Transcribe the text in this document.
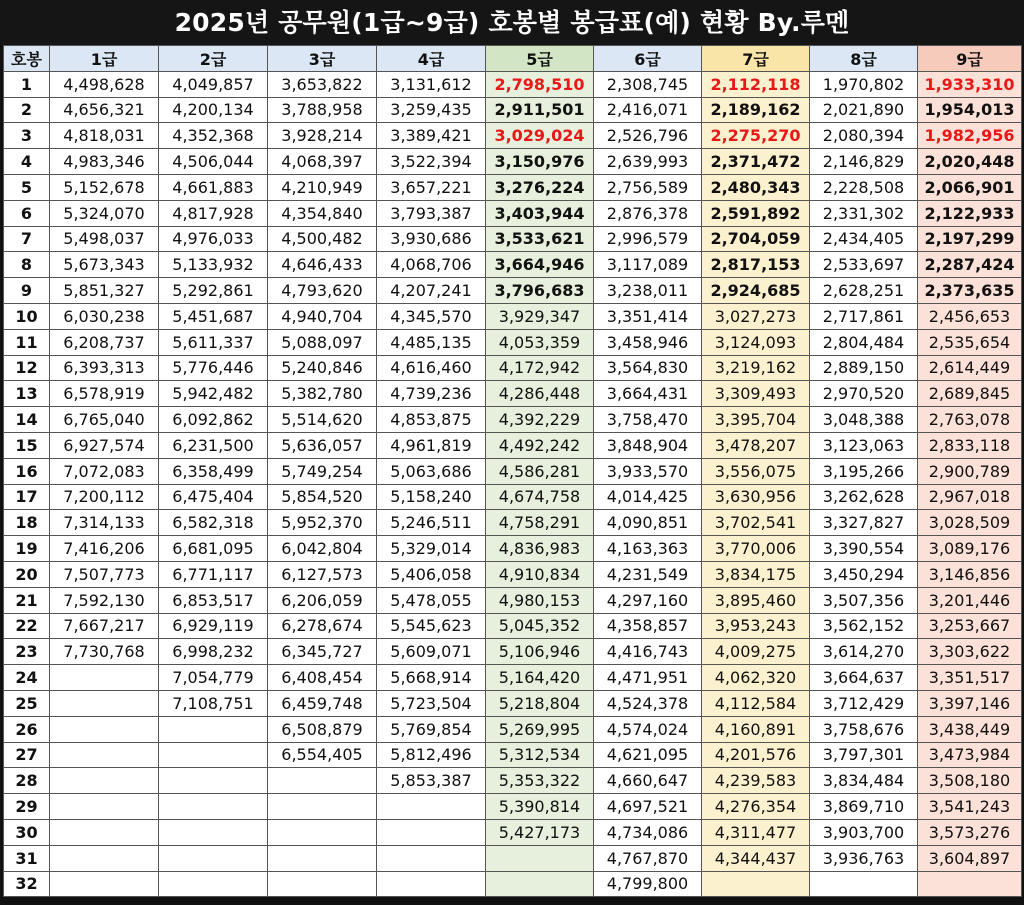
2025년 공무원(1급~9급) 호봉별 봉급표(예) 현황 By.루멘
호봉	1급	2급	3급	4급	5급	6급	7급	8급	9급
1	4,498,628	4,049,857	3,653,822	3,131,612	2,798,510	2,308,745	2,112,118	1,970,802	1,933,310
2	4,656,321	4,200,134	3,788,958	3,259,435	2,911,501	2,416,071	2,189,162	2,021,890	1,954,013
3	4,818,031	4,352,368	3,928,214	3,389,421	3,029,024	2,526,796	2,275,270	2,080,394	1,982,956
4	4,983,346	4,506,044	4,068,397	3,522,394	3,150,976	2,639,993	2,371,472	2,146,829	2,020,448
5	5,152,678	4,661,883	4,210,949	3,657,221	3,276,224	2,756,589	2,480,343	2,228,508	2,066,901
6	5,324,070	4,817,928	4,354,840	3,793,387	3,403,944	2,876,378	2,591,892	2,331,302	2,122,933
7	5,498,037	4,976,033	4,500,482	3,930,686	3,533,621	2,996,579	2,704,059	2,434,405	2,197,299
8	5,673,343	5,133,932	4,646,433	4,068,706	3,664,946	3,117,089	2,817,153	2,533,697	2,287,424
9	5,851,327	5,292,861	4,793,620	4,207,241	3,796,683	3,238,011	2,924,685	2,628,251	2,373,635
10	6,030,238	5,451,687	4,940,704	4,345,570	3,929,347	3,351,414	3,027,273	2,717,861	2,456,653
11	6,208,737	5,611,337	5,088,097	4,485,135	4,053,359	3,458,946	3,124,093	2,804,484	2,535,654
12	6,393,313	5,776,446	5,240,846	4,616,460	4,172,942	3,564,830	3,219,162	2,889,150	2,614,449
13	6,578,919	5,942,482	5,382,780	4,739,236	4,286,448	3,664,431	3,309,493	2,970,520	2,689,845
14	6,765,040	6,092,862	5,514,620	4,853,875	4,392,229	3,758,470	3,395,704	3,048,388	2,763,078
15	6,927,574	6,231,500	5,636,057	4,961,819	4,492,242	3,848,904	3,478,207	3,123,063	2,833,118
16	7,072,083	6,358,499	5,749,254	5,063,686	4,586,281	3,933,570	3,556,075	3,195,266	2,900,789
17	7,200,112	6,475,404	5,854,520	5,158,240	4,674,758	4,014,425	3,630,956	3,262,628	2,967,018
18	7,314,133	6,582,318	5,952,370	5,246,511	4,758,291	4,090,851	3,702,541	3,327,827	3,028,509
19	7,416,206	6,681,095	6,042,804	5,329,014	4,836,983	4,163,363	3,770,006	3,390,554	3,089,176
20	7,507,773	6,771,117	6,127,573	5,406,058	4,910,834	4,231,549	3,834,175	3,450,294	3,146,856
21	7,592,130	6,853,517	6,206,059	5,478,055	4,980,153	4,297,160	3,895,460	3,507,356	3,201,446
22	7,667,217	6,929,119	6,278,674	5,545,623	5,045,352	4,358,857	3,953,243	3,562,152	3,253,667
23	7,730,768	6,998,232	6,345,727	5,609,071	5,106,946	4,416,743	4,009,275	3,614,270	3,303,622
24		7,054,779	6,408,454	5,668,914	5,164,420	4,471,951	4,062,320	3,664,637	3,351,517
25		7,108,751	6,459,748	5,723,504	5,218,804	4,524,378	4,112,584	3,712,429	3,397,146
26			6,508,879	5,769,854	5,269,995	4,574,024	4,160,891	3,758,676	3,438,449
27			6,554,405	5,812,496	5,312,534	4,621,095	4,201,576	3,797,301	3,473,984
28				5,853,387	5,353,322	4,660,647	4,239,583	3,834,484	3,508,180
29					5,390,814	4,697,521	4,276,354	3,869,710	3,541,243
30					5,427,173	4,734,086	4,311,477	3,903,700	3,573,276
31						4,767,870	4,344,437	3,936,763	3,604,897
32						4,799,800			
